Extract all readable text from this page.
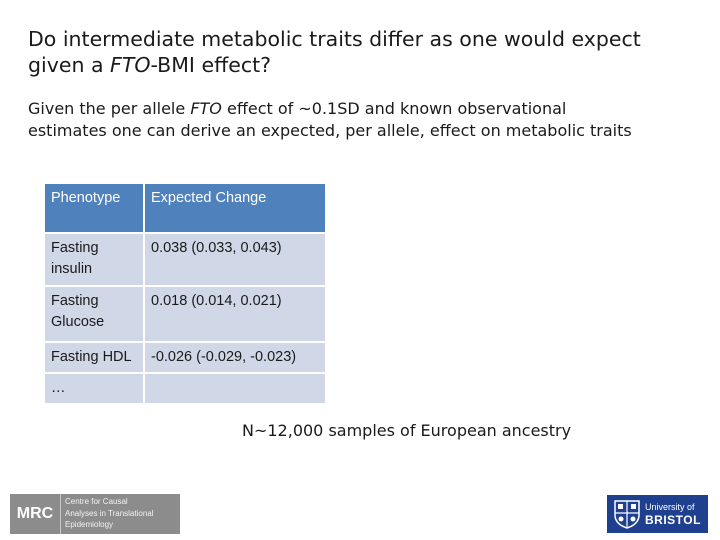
Do intermediate metabolic traits differ as one would expect
given a FTO-BMI effect?
Given the per allele FTO effect of ~0.1SD and known observational
estimates one can derive an expected, per allele, effect on metabolic traits
Phenotype	Expected Change

Fasting
insulin	0.038 (0.033, 0.043)

Fasting
Glucose	0.018 (0.014, 0.021)
Fasting HDL	-0.026 (-0.029, -0.023)
…	
N~12,000 samples of European ancestry
MRC
Centre for Causal
Analyses in Translational
Epidemiology
University of
BRISTOL
